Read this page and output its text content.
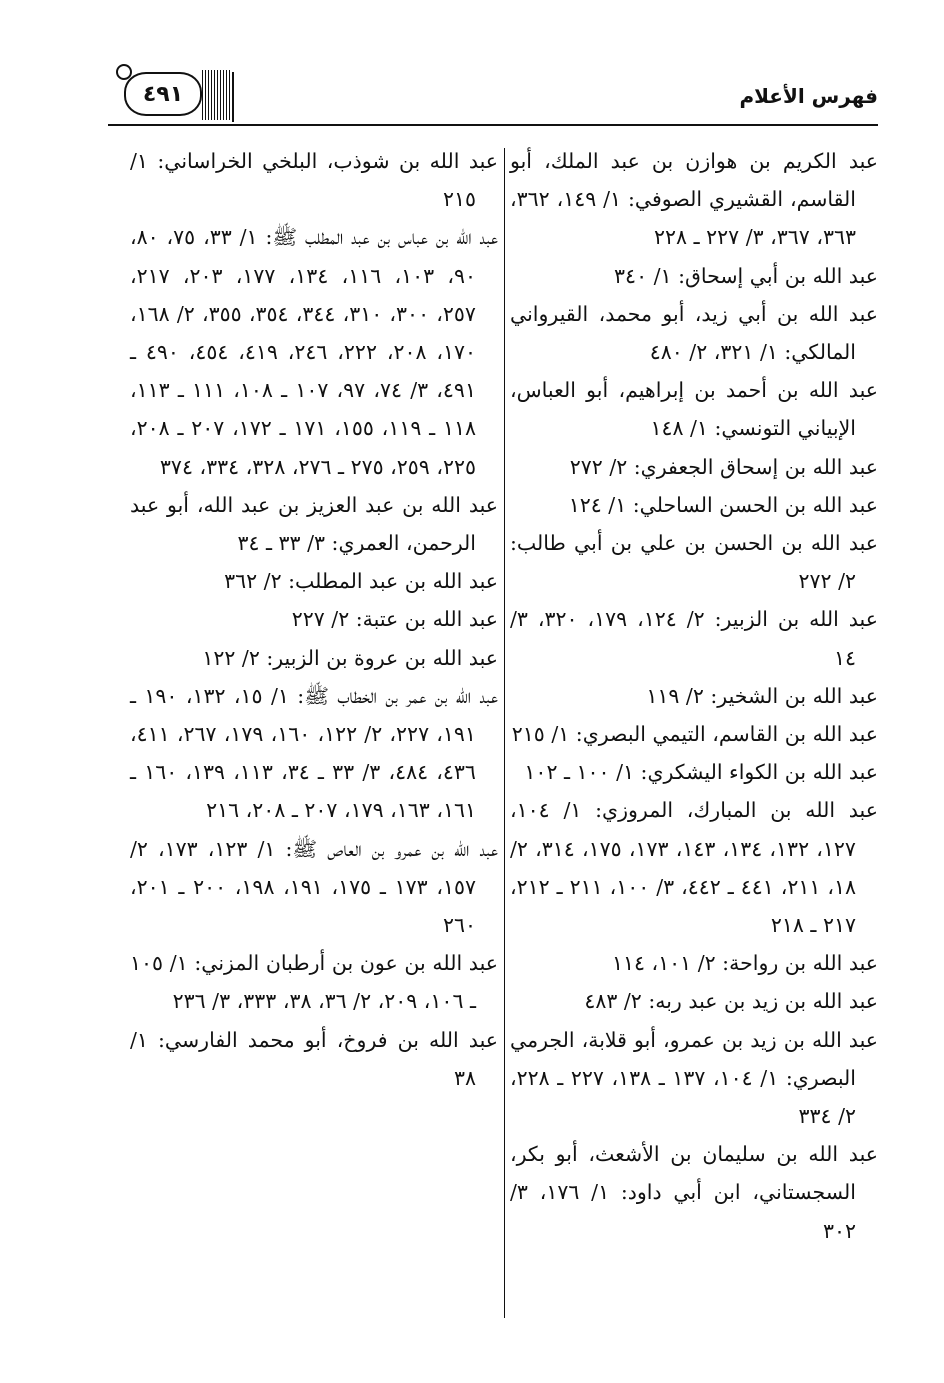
فهرس الأعلام
٤٩١

عبد الكريم بن هوازن بن عبد الملك، أبو القاسم، القشيري الصوفي: ١/ ١٤٩، ٣٦٢، ٣٦٣، ٣٦٧، ٣/ ٢٢٧ ـ ٢٢٨

عبد الله بن أبي إسحاق: ١/ ٣٤٠

عبد الله بن أبي زيد، أبو محمد، القيرواني المالكي: ١/ ٣٢١، ٢/ ٤٨٠

عبد الله بن أحمد بن إبراهيم، أبو العباس، الإبياني التونسي: ١/ ١٤٨

عبد الله بن إسحاق الجعفري: ٢/ ٢٧٢

عبد الله بن الحسن الساحلي: ١/ ١٢٤

عبد الله بن الحسن بن علي بن أبي طالب: ٢/ ٢٧٢

عبد الله بن الزبير: ٢/ ١٢٤، ١٧٩، ٣٢٠، ٣/ ١٤

عبد الله بن الشخير: ٢/ ١١٩

عبد الله بن القاسم، التيمي البصري: ١/ ٢١٥

عبد الله بن الكواء اليشكري: ١/ ١٠٠ ـ ١٠٢

عبد الله بن المبارك، المروزي: ١/ ١٠٤، ١٢٧، ١٣٢، ١٣٤، ١٤٣، ١٧٣، ١٧٥، ٣١٤، ٢/ ١٨، ٢١١، ٤٤١ ـ ٤٤٢، ٣/ ١٠٠، ٢١١ ـ ٢١٢، ٢١٧ ـ ٢١٨

عبد الله بن رواحة: ٢/ ١٠١، ١١٤

عبد الله بن زيد بن عبد ربه: ٢/ ٤٨٣

عبد الله بن زيد بن عمرو، أبو قلابة، الجرمي البصري: ١/ ١٠٤، ١٣٧ ـ ١٣٨، ٢٢٧ ـ ٢٢٨، ٢/ ٣٣٤

عبد الله بن سليمان بن الأشعث، أبو بكر، السجستاني، ابن أبي داود: ١/ ١٧٦، ٣/ ٣٠٢

عبد الله بن شوذب، البلخي الخراساني: ١/ ٢١٥

عبد الله بن عباس بن عبد المطلب ﷺ: ١/ ٣٣، ٧٥، ٨٠، ٩٠، ١٠٣، ١١٦، ١٣٤، ١٧٧، ٢٠٣، ٢١٧، ٢٥٧، ٣٠٠، ٣١٠، ٣٤٤، ٣٥٤، ٣٥٥، ٢/ ١٦٨، ١٧٠، ٢٠٨، ٢٢٢، ٢٤٦، ٤١٩، ٤٥٤، ٤٩٠ ـ ٤٩١، ٣/ ٧٤، ٩٧، ١٠٧ ـ ١٠٨، ١١١ ـ ١١٣، ١١٨ ـ ١١٩، ١٥٥، ١٧١ ـ ١٧٢، ٢٠٧ ـ ٢٠٨، ٢٢٥، ٢٥٩، ٢٧٥ ـ ٢٧٦، ٣٢٨، ٣٣٤، ٣٧٤

عبد الله بن عبد العزيز بن عبد الله، أبو عبد الرحمن، العمري: ٣/ ٣٣ ـ ٣٤

عبد الله بن عبد المطلب: ٢/ ٣٦٢

عبد الله بن عتبة: ٢/ ٢٢٧

عبد الله بن عروة بن الزبير: ٢/ ١٢٢

عبد الله بن عمر بن الخطاب ﷺ: ١/ ١٥، ١٣٢، ١٩٠ ـ ١٩١، ٢٢٧، ٢/ ١٢٢، ١٦٠، ١٧٩، ٢٦٧، ٤١١، ٤٣٦، ٤٨٤، ٣/ ٣٣ ـ ٣٤، ١١٣، ١٣٩، ١٦٠ ـ ١٦١، ١٦٣، ١٧٩، ٢٠٧ ـ ٢٠٨، ٢١٦

عبد الله بن عمرو بن العاص ﷺ: ١/ ١٢٣، ١٧٣، ٢/ ١٥٧، ١٧٣ ـ ١٧٥، ١٩١، ١٩٨، ٢٠٠ ـ ٢٠١، ٢٦٠

عبد الله بن عون بن أرطبان المزني: ١/ ١٠٥ ـ ١٠٦، ٢٠٩، ٢/ ٣٦، ٣٨، ٣٣٣، ٣/ ٢٣٦

عبد الله بن فروخ، أبو محمد الفارسي: ١/ ٣٨
